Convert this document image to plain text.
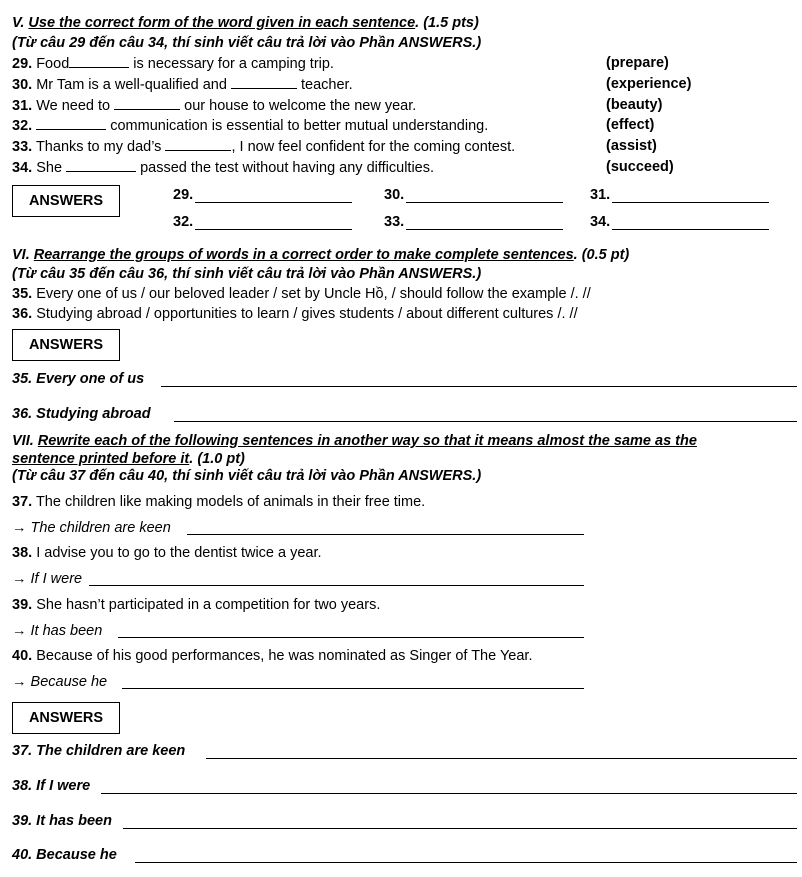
V. Use the correct form of the word given in each sentence. (1.5 pts)
(Từ câu 29 đến câu 34, thí sinh viết câu trả lời vào Phần ANSWERS.)
29. Food	is necessary for a camping trip.	(prepare)
30. Mr Tam is a well-qualified and	teacher.	(experience)
31. We need to	our house to welcome the new year.	(beauty)
32.	communication is essential to better mutual understanding.	(effect)
33. Thanks to my dad’s	, I now feel confident for the coming contest.	(assist)
34. She	passed the test without having any difficulties.	(succeed)
ANSWERS	29.	30.	31.
32.	33.	34.
VI. Rearrange the groups of words in a correct order to make complete sentences. (0.5 pt)
(Từ câu 35 đến câu 36, thí sinh viết câu trả lời vào Phần ANSWERS.)
35. Every one of us / our beloved leader / set by Uncle Hồ, / should follow the example /. //
36. Studying abroad / opportunities to learn / gives students / about different cultures /. //
ANSWERS
35. Every one of us
36. Studying abroad
VII. Rewrite each of the following sentences in another way so that it means almost the same as the
sentence printed before it. (1.0 pt)
(Từ câu 37 đến câu 40, thí sinh viết câu trả lời vào Phần ANSWERS.)
37. The children like making models of animals in their free time.
→ The children are keen
38. I advise you to go to the dentist twice a year.
→ If I were
39. She hasn’t participated in a competition for two years.
→ It has been
40. Because of his good performances, he was nominated as Singer of The Year.
→ Because he
ANSWERS
37. The children are keen
38. If I were
39. It has been
40. Because he
